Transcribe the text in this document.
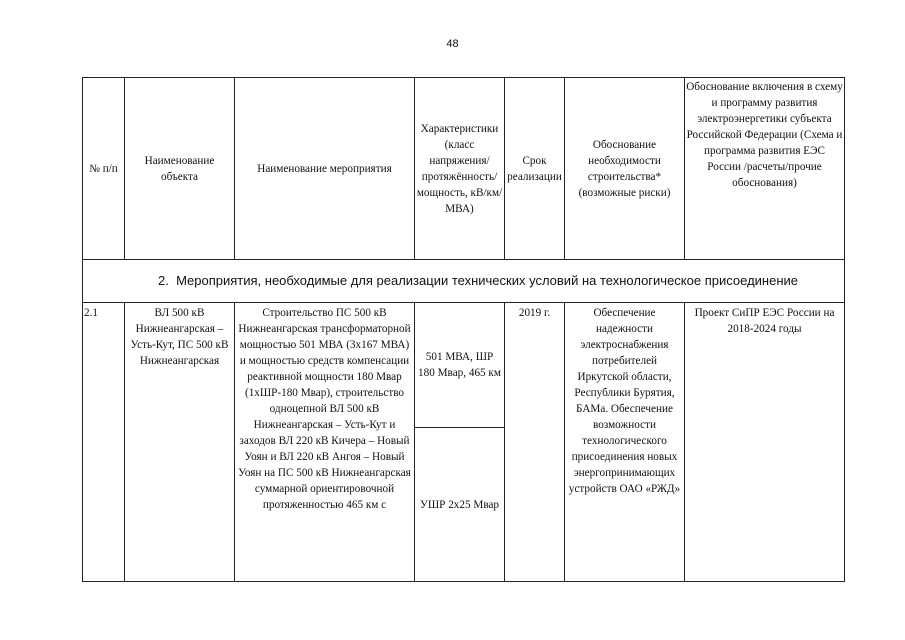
48
№ п/п	Наименование объекта	Наименование мероприятия	Характеристики (класс напряжения/ протяжённость/ мощность, кВ/км/МВА)	Срок реализации	Обоснование необходимости строительства* (возможные риски)	Обоснование включения в схему и программу развития электроэнергетики субъекта Российской Федерации (Схема и программа развития ЕЭС России /расчеты/прочие обоснования)
2. Мероприятия, необходимые для реализации технических условий на технологическое присоединение						
2.1	ВЛ 500 кВ Нижнеангарская – Усть-Кут, ПС 500 кВ Нижнеангарская	Строительство ПС 500 кВ Нижнеангарская трансформаторной мощностью 501 МВА (3х167 МВА) и мощностью средств компенсации реактивной мощности 180 Мвар (1хШР-180 Мвар), строительство одноцепной ВЛ 500 кВ Нижнеангарская – Усть-Кут и заходов ВЛ 220 кВ Кичера – Новый Уоян и ВЛ 220 кВ Ангоя – Новый Уоян на ПС 500 кВ Нижнеангарская суммарной ориентировочной протяженностью 465 км с	501 МВА, ШР 180 Мвар, 465 км	2019 г.	Обеспечение надежности электроснабжения потребителей Иркутской области, Республики Бурятия, БАМа. Обеспечение возможности технологического присоединения новых энергопринимающих устройств ОАО «РЖД»	Проект СиПР ЕЭС России на 2018-2024 годы
			УШР 2х25 Мвар			
